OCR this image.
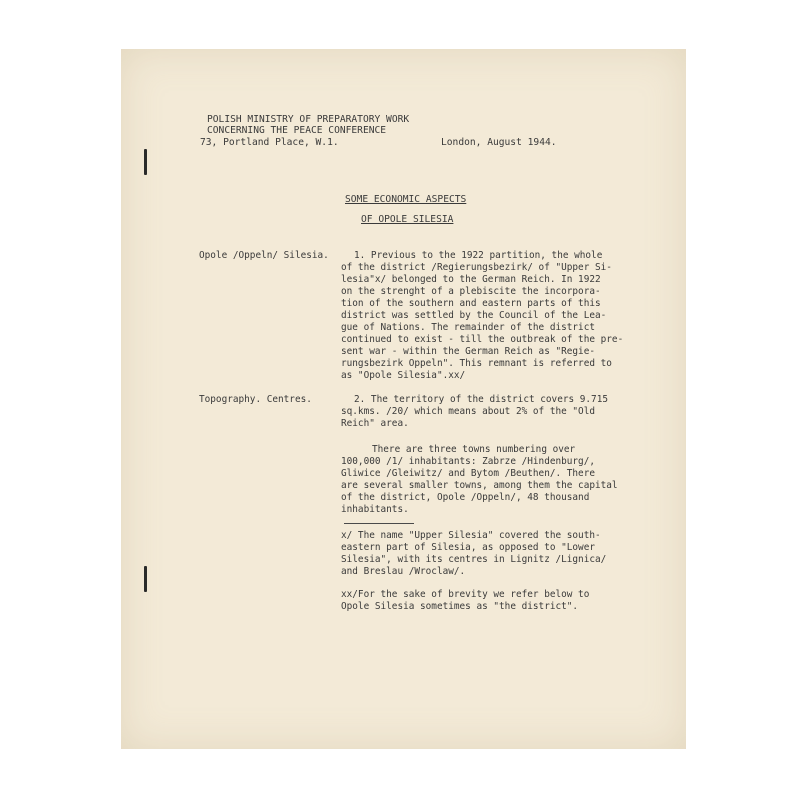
POLISH MINISTRY OF PREPARATORY WORK
CONCERNING THE PEACE CONFERENCE
73, Portland Place, W.1.	London, August 1944.
SOME ECONOMIC ASPECTS
OF OPOLE SILESIA
Opole /Oppeln/ Silesia.	1. Previous to the 1922 partition, the whole
of the district /Regierungsbezirk/ of "Upper Si-
lesia"x/ belonged to the German Reich. In 1922
on the strenght of a plebiscite the incorpora-
tion of the southern and eastern parts of this
district was settled by the Council of the Lea-
gue of Nations. The remainder of the district
continued to exist - till the outbreak of the pre-
sent war - within the German Reich as "Regie-
rungsbezirk Oppeln". This remnant is referred to
as "Opole Silesia".xx/
Topography. Centres.	2. The territory of the district covers 9.715
sq.kms. /20/ which means about 2% of the "Old
Reich" area.
There are three towns numbering over
100,000 /1/ inhabitants: Zabrze /Hindenburg/,
Gliwice /Gleiwitz/ and Bytom /Beuthen/. There
are several smaller towns, among them the capital
of the district, Opole /Oppeln/, 48 thousand
inhabitants.
x/ The name "Upper Silesia" covered the south-
eastern part of Silesia, as opposed to "Lower
Silesia", with its centres in Lignitz /Lignica/
and Breslau /Wroclaw/.
xx/For the sake of brevity we refer below to
Opole Silesia sometimes as "the district".
